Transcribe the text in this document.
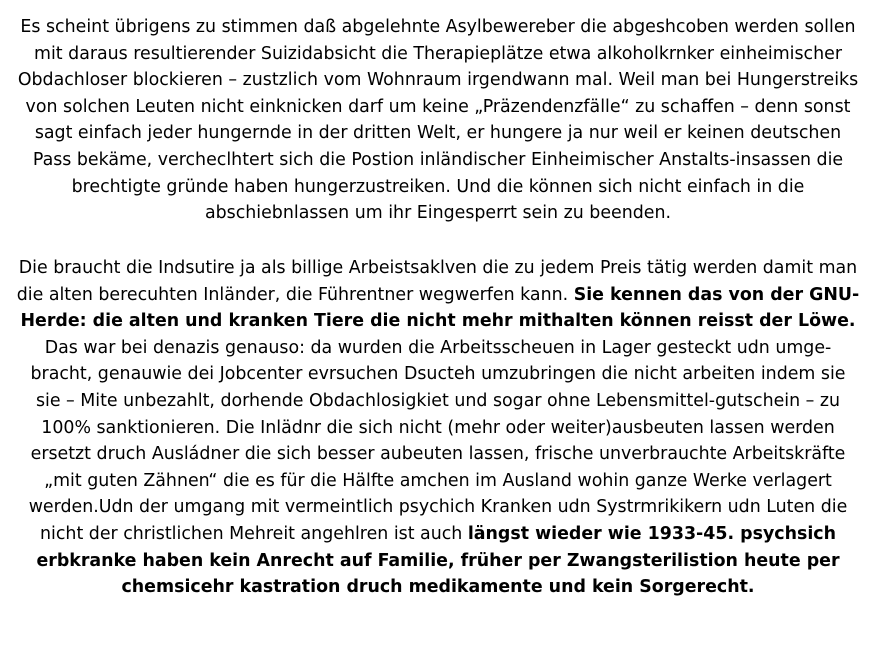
Es scheint übrigens zu stimmen daß abgelehnte Asylbewereber die abgeshcoben werden sollen mit daraus resultierender Suizidabsicht die Therapieplätze etwa alkoholkrnker einheimischer Obdachloser blockieren – zustzlich vom Wohnraum irgendwann mal. Weil man bei Hungerstreiks von solchen Leuten nicht einknicken darf um keine „Präzendenzfälle“ zu schaffen – denn sonst sagt einfach jeder hungernde in der dritten Welt, er hungere ja nur weil er keinen deutschen Pass bekäme, vercheclhtert sich die Postion inländischer Einheimischer Anstalts-insassen die brechtigte gründe haben hungerzustreiken. Und die können sich nicht einfach in die abschiebnlassen um ihr Eingesperrt sein zu beenden.

Die braucht die Indsutire ja als billige Arbeistsaklven die zu jedem Preis tätig werden damit man die alten berecuhten Inländer, die Führentner wegwerfen kann. Sie kennen das von der GNU-Herde: die alten und kranken Tiere die nicht mehr mithalten können reisst der Löwe. Das war bei denazis genauso: da wurden die Arbeitsscheuen in Lager gesteckt udn umge-bracht, genauwie dei Jobcenter evrsuchen Dsucteh umzubringen die nicht arbeiten indem sie sie – Mite unbezahlt, dorhende Obdachlosigkiet und sogar ohne Lebensmittel-gutschein – zu 100% sanktionieren. Die Inlädnr die sich nicht (mehr oder weiter)ausbeuten lassen werden ersetzt druch Ausládner die sich besser aubeuten lassen, frische unverbrauchte Arbeitskräfte „mit guten Zähnen“ die es für die Hälfte amchen im Ausland wohin ganze Werke verlagert werden.Udn der umgang mit vermeintlich psychich Kranken udn Systrmrikikern udn Luten die nicht der christlichen Mehreit angehlren ist auch längst wieder wie 1933-45. psychsich erbkranke haben kein Anrecht auf Familie, früher per Zwangsterilistion heute per chemsicehr kastration druch medikamente und kein Sorgerecht.
